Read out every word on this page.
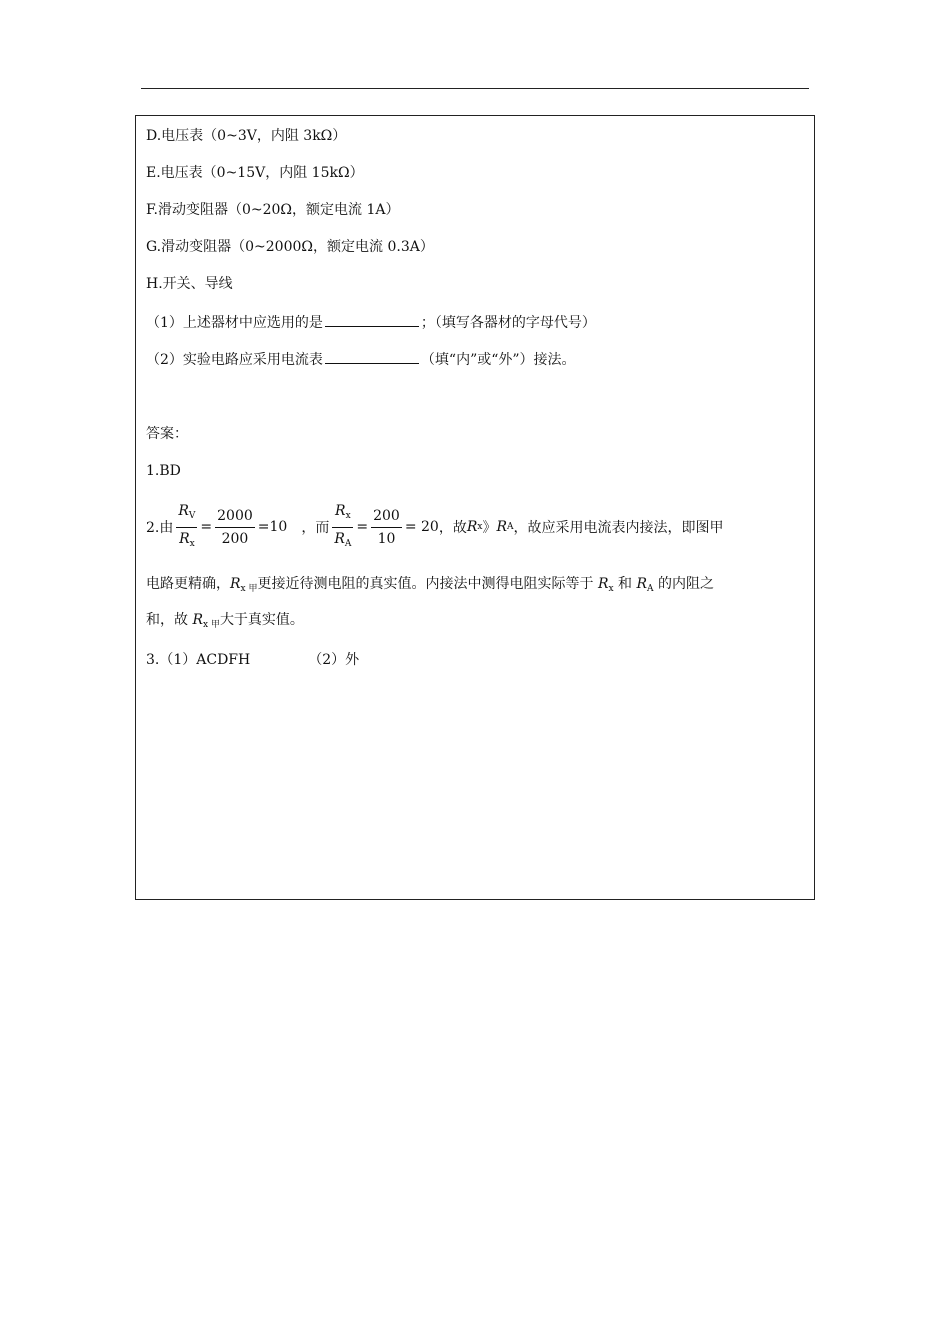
D.电压表（0~3V，内阻 3kΩ）
E.电压表（0~15V，内阻 15kΩ）
F.滑动变阻器（0~20Ω，额定电流 1A）
G.滑动变阻器（0~2000Ω，额定电流 0.3A）
H.开关、导线
（1）上述器材中应选用的是	；（填写各器材的字母代号）
（2）实验电路应采用电流表	（填“内”或“外”）接法。
答案：
1.BD
2.由 $\frac{R_V}{R_x} = \frac{2000}{200} =10$ ，而 $\frac{R_x}{R_A} = \frac{200}{10} = 20$ ，故 R x 》 R A ，故应采用电流表内接法，即图甲
电路更精确，$R_{x 甲}$更接近待测电阻的真实值。内接法中测得电阻实际等于 $R_x$ 和 $R_A$ 的内阻之
和，故 $R_{x 甲}$大于真实值。
3.（1）ACDFH	（2）外
